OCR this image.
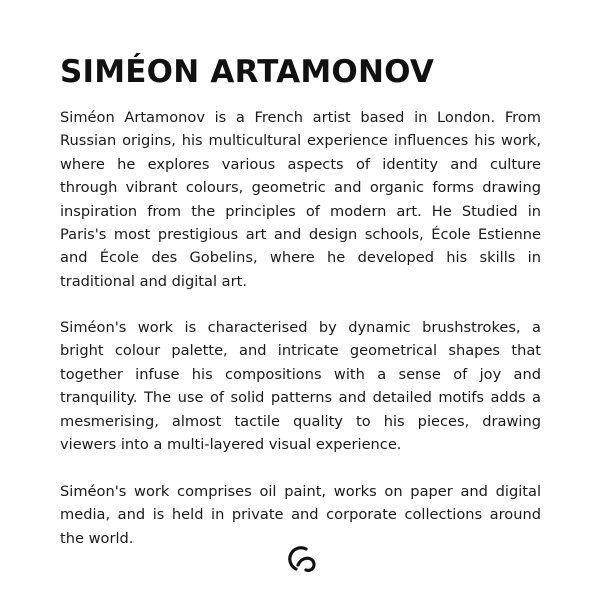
SIMÉON ARTAMONOV

Siméon Artamonov is a French artist based in London. From Russian origins, his multicultural experience influences his work, where he explores various aspects of identity and culture through vibrant colours, geometric and organic forms drawing inspiration from the principles of modern art. He Studied in Paris's most prestigious art and design schools, École Estienne and École des Gobelins, where he developed his skills in traditional and digital art.

Siméon's work is characterised by dynamic brushstrokes, a bright colour palette, and intricate geometrical shapes that together infuse his compositions with a sense of joy and tranquility. The use of solid patterns and detailed motifs adds a mesmerising, almost tactile quality to his pieces, drawing viewers into a multi-layered visual experience.

Siméon's work comprises oil paint, works on paper and digital media, and is held in private and corporate collections around the world.
